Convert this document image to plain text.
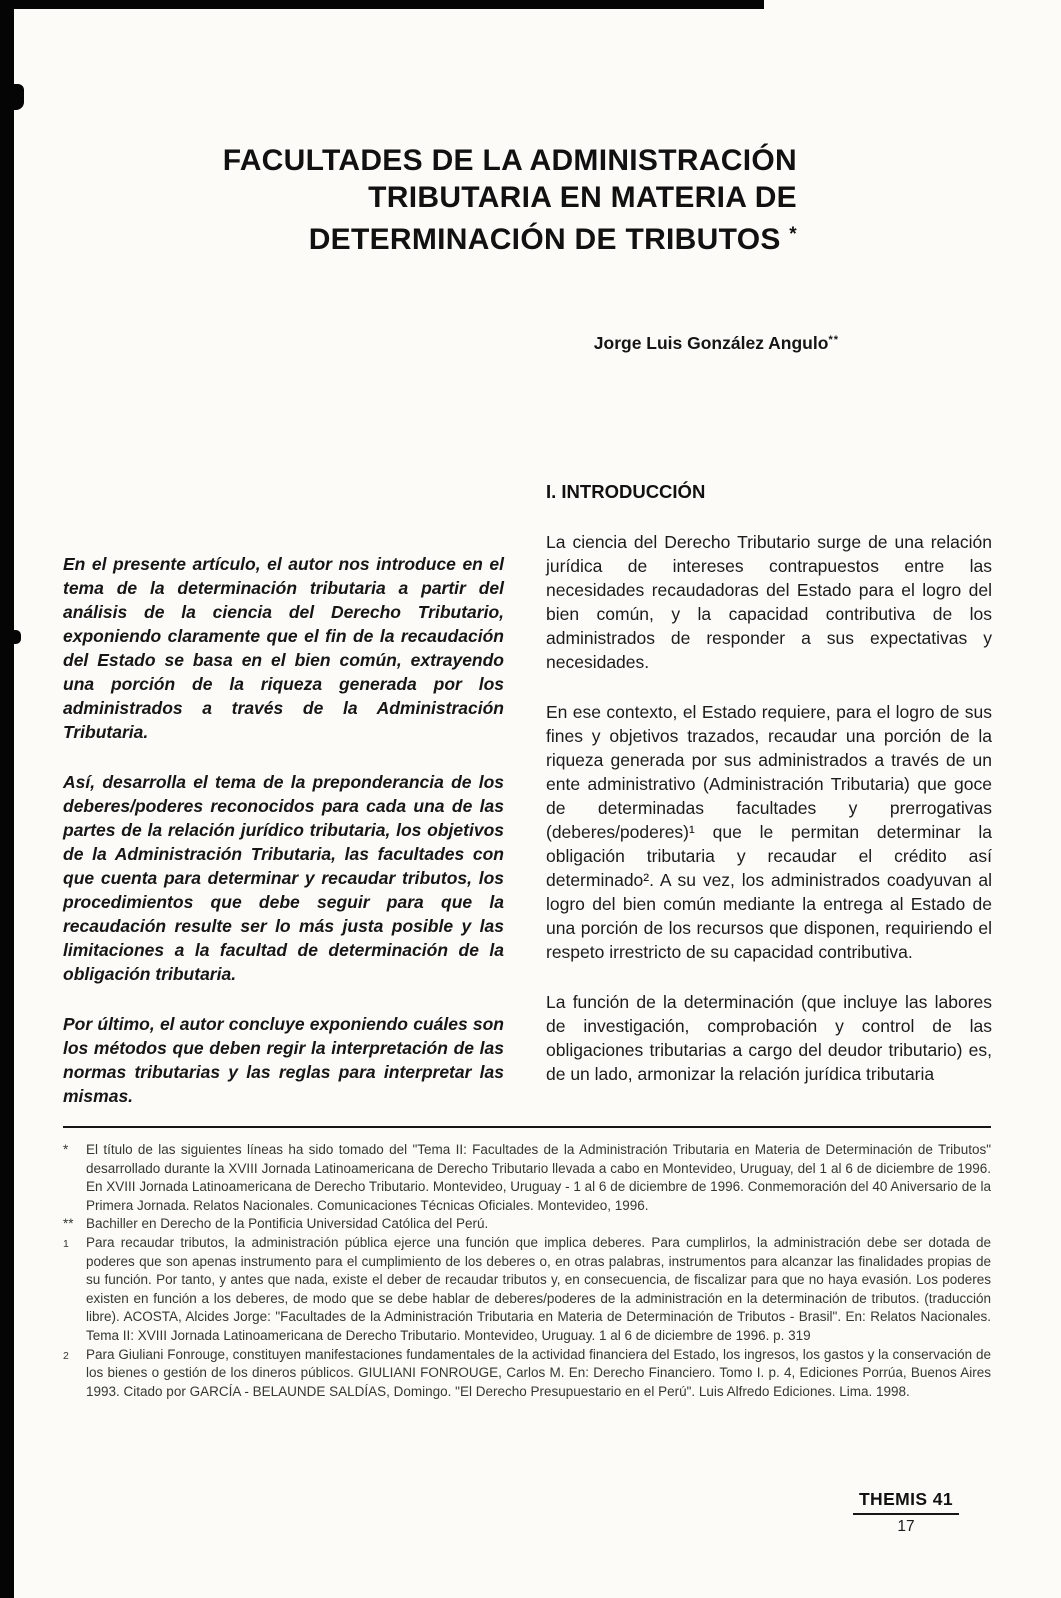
FACULTADES DE LA ADMINISTRACIÓN
TRIBUTARIA EN MATERIA DE
DETERMINACIÓN DE TRIBUTOS *
Jorge Luis González Angulo**

En el presente artículo, el autor nos introduce en el tema de la determinación tributaria a partir del análisis de la ciencia del Derecho Tributario, exponiendo claramente que el fin de la recaudación del Estado se basa en el bien común, extrayendo una porción de la riqueza generada por los administrados a través de la Administración Tributaria.

Así, desarrolla el tema de la preponderancia de los deberes/poderes reconocidos para cada una de las partes de la relación jurídico tributaria, los objetivos de la Administración Tributaria, las facultades con que cuenta para determinar y recaudar tributos, los procedimientos que debe seguir para que la recaudación resulte ser lo más justa posible y las limitaciones a la facultad de determinación de la obligación tributaria.

Por último, el autor concluye exponiendo cuáles son los métodos que deben regir la interpretación de las normas tributarias y las reglas para interpretar las mismas.

I. INTRODUCCIÓN

La ciencia del Derecho Tributario surge de una relación jurídica de intereses contrapuestos entre las necesidades recaudadoras del Estado para el logro del bien común, y la capacidad contributiva de los administrados de responder a sus expectativas y necesidades.

En ese contexto, el Estado requiere, para el logro de sus fines y objetivos trazados, recaudar una porción de la riqueza generada por sus administrados a través de un ente administrativo (Administración Tributaria) que goce de determinadas facultades y prerrogativas (deberes/poderes)¹ que le permitan determinar la obligación tributaria y recaudar el crédito así determinado². A su vez, los administrados coadyuvan al logro del bien común mediante la entrega al Estado de una porción de los recursos que disponen, requiriendo el respeto irrestricto de su capacidad contributiva.

La función de la determinación (que incluye las labores de investigación, comprobación y control de las obligaciones tributarias a cargo del deudor tributario) es, de un lado, armonizar la relación jurídica tributaria

*	El título de las siguientes líneas ha sido tomado del "Tema II: Facultades de la Administración Tributaria en Materia de Determinación de Tributos" desarrollado durante la XVIII Jornada Latinoamericana de Derecho Tributario llevada a cabo en Montevideo, Uruguay, del 1 al 6 de diciembre de 1996. En XVIII Jornada Latinoamericana de Derecho Tributario. Montevideo, Uruguay - 1 al 6 de diciembre de 1996. Conmemoración del 40 Aniversario de la Primera Jornada. Relatos Nacionales. Comunicaciones Técnicas Oficiales. Montevideo, 1996.
** Bachiller en Derecho de la Pontificia Universidad Católica del Perú.
1	Para recaudar tributos, la administración pública ejerce una función que implica deberes. Para cumplirlos, la administración debe ser dotada de poderes que son apenas instrumento para el cumplimiento de los deberes o, en otras palabras, instrumentos para alcanzar las finalidades propias de su función. Por tanto, y antes que nada, existe el deber de recaudar tributos y, en consecuencia, de fiscalizar para que no haya evasión. Los poderes existen en función a los deberes, de modo que se debe hablar de deberes/poderes de la administración en la determinación de tributos. (traducción libre). ACOSTA, Alcides Jorge: "Facultades de la Administración Tributaria en Materia de Determinación de Tributos - Brasil". En: Relatos Nacionales. Tema II: XVIII Jornada Latinoamericana de Derecho Tributario. Montevideo, Uruguay. 1 al 6 de diciembre de 1996. p. 319
2	Para Giuliani Fonrouge, constituyen manifestaciones fundamentales de la actividad financiera del Estado, los ingresos, los gastos y la conservación de los bienes o gestión de los dineros públicos. GIULIANI FONROUGE, Carlos M. En: Derecho Financiero. Tomo I. p. 4, Ediciones Porrúa, Buenos Aires 1993. Citado por GARCÍA - BELAUNDE SALDÍAS, Domingo. "El Derecho Presupuestario en el Perú". Luis Alfredo Ediciones. Lima. 1998.
THEMIS 41
17
